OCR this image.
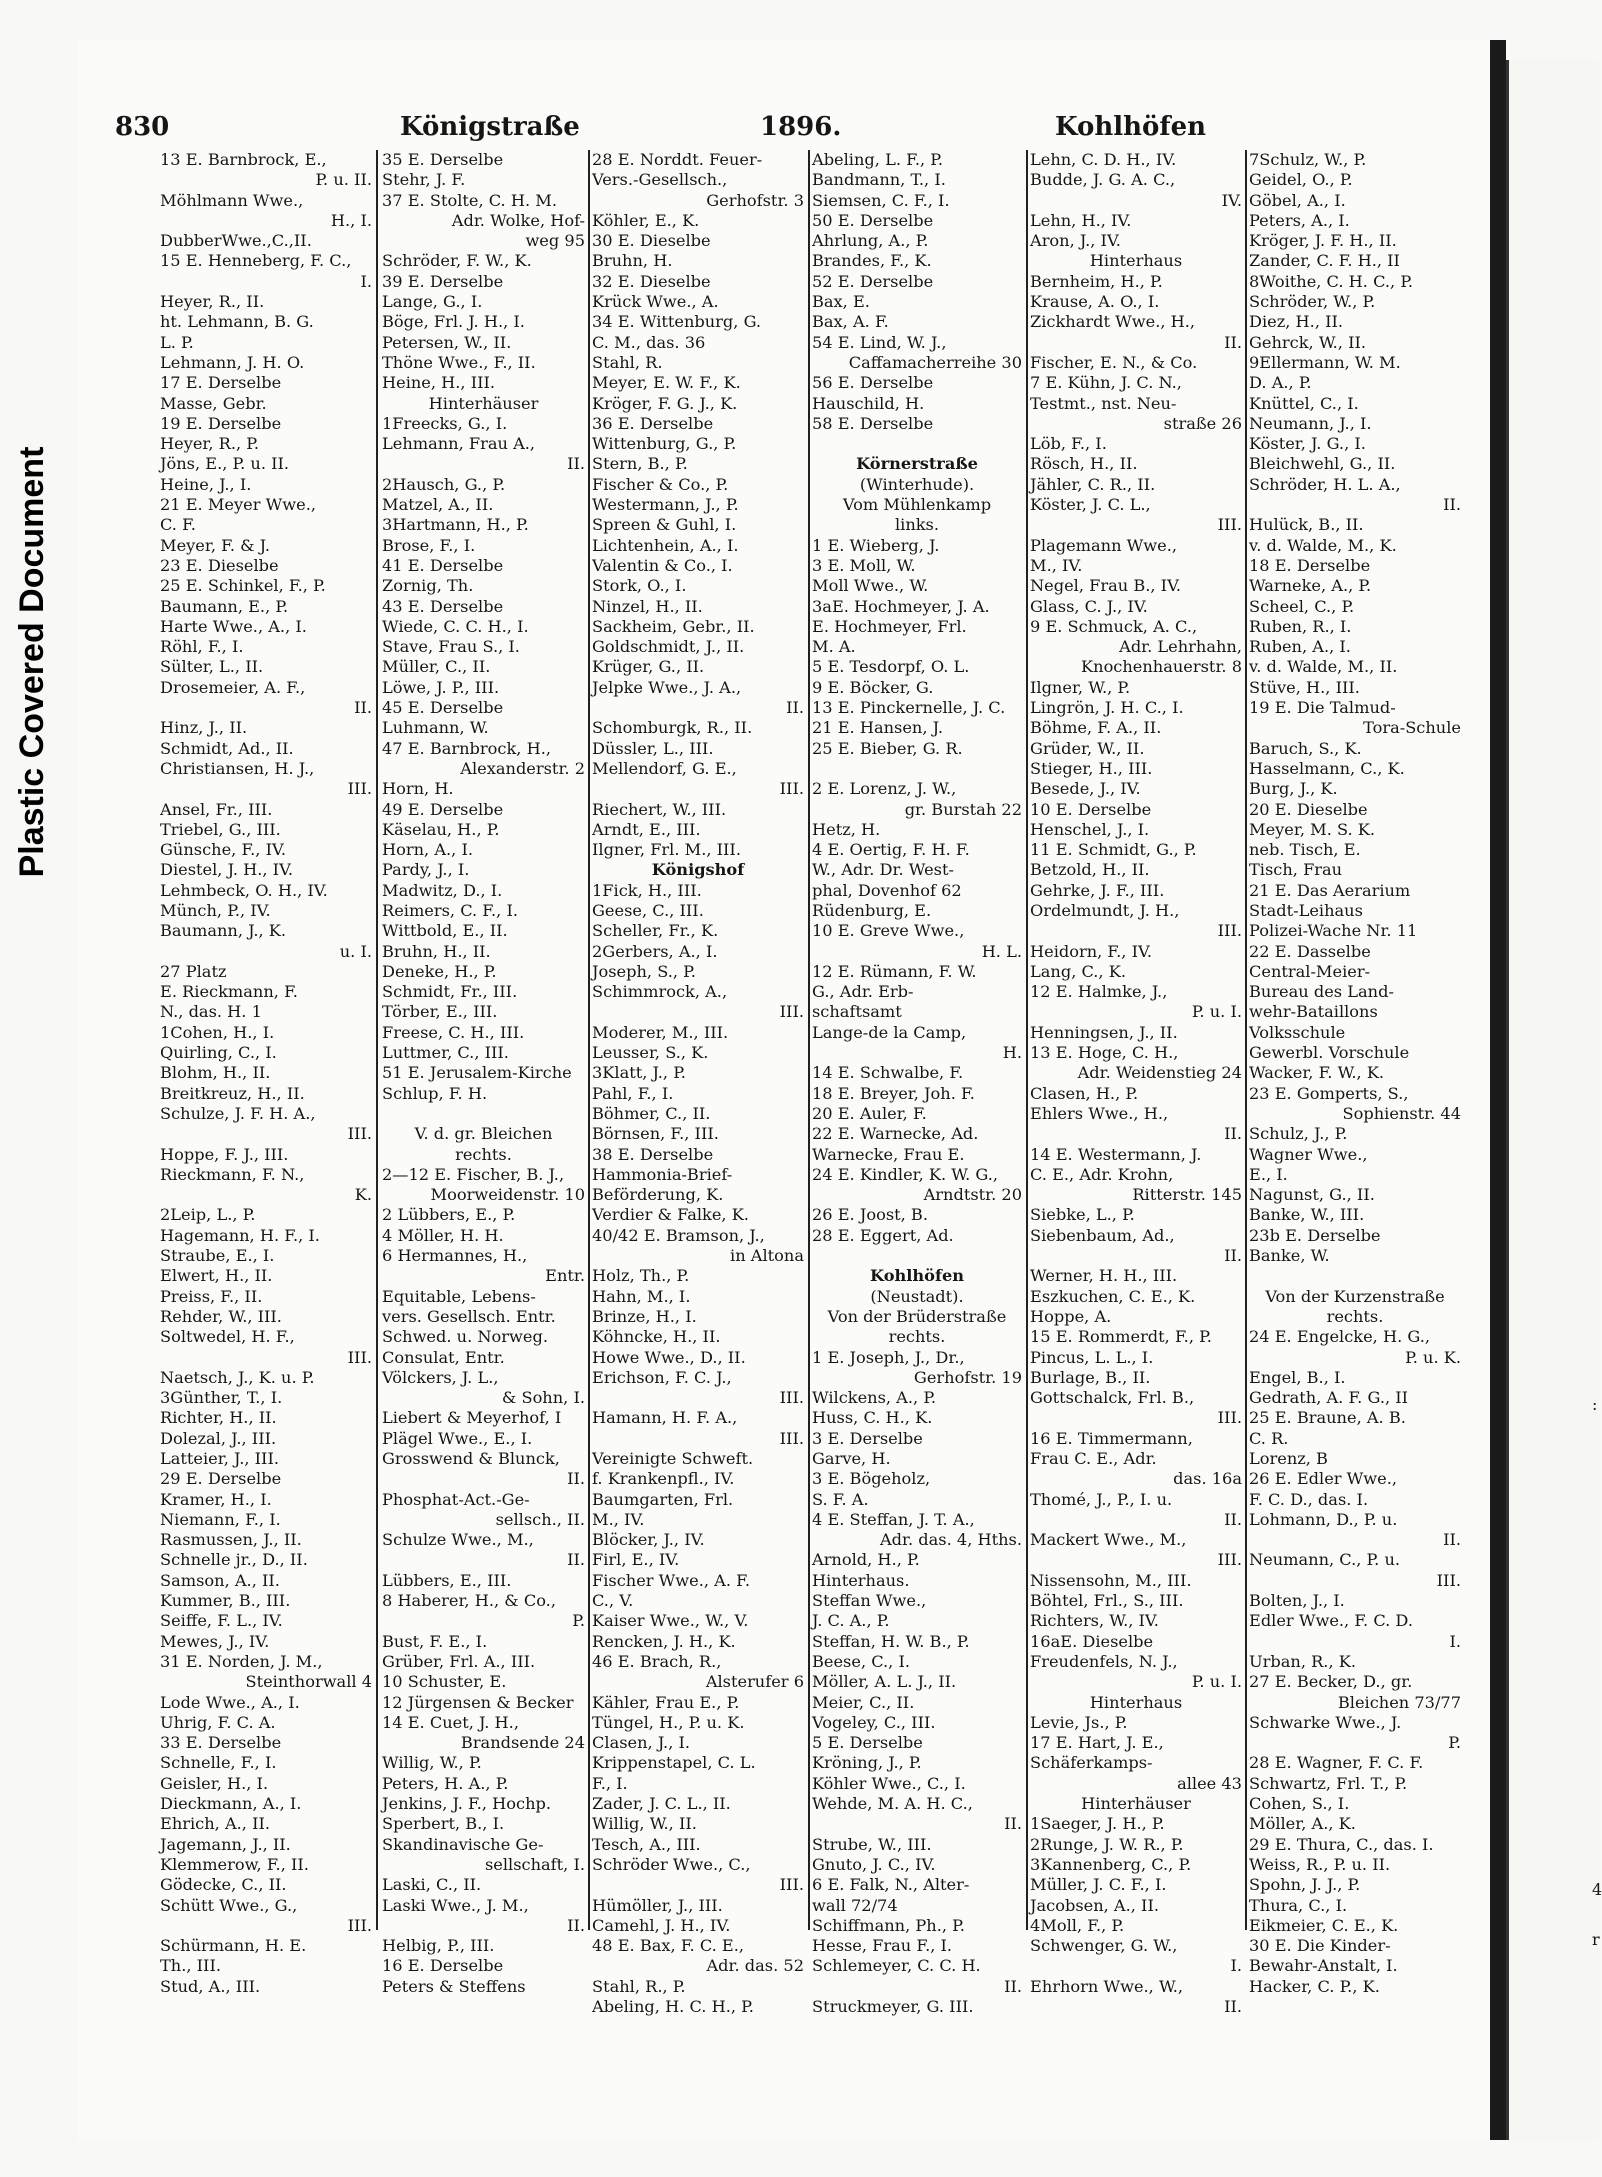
Plastic Covered Document
:
4
r
830	Königstraße	1896.	Kohlhöfen
13 E. Barnbrock, E.,
P. u. II.
Möhlmann Wwe.,
H., I.
DubberWwe.,C.,II.
15 E. Henneberg, F. C.,
I.
Heyer, R., II.
ht. Lehmann, B. G.
L. P.
Lehmann, J. H. O.
17 E. Derselbe
Masse, Gebr.
19 E. Derselbe
Heyer, R., P.
Jöns, E., P. u. II.
Heine, J., I.
21 E. Meyer Wwe.,
C. F.
Meyer, F. & J.
23 E. Dieselbe
25 E. Schinkel, F., P.
Baumann, E., P.
Harte Wwe., A., I.
Röhl, F., I.
Sülter, L., II.
Drosemeier, A. F.,
II.
Hinz, J., II.
Schmidt, Ad., II.
Christiansen, H. J.,
III.
Ansel, Fr., III.
Triebel, G., III.
Günsche, F., IV.
Diestel, J. H., IV.
Lehmbeck, O. H., IV.
Münch, P., IV.
Baumann, J., K.
u. I.
27 Platz
E. Rieckmann, F.
N., das. H. 1
1Cohen, H., I.
Quirling, C., I.
Blohm, H., II.
Breitkreuz, H., II.
Schulze, J. F. H. A.,
III.
Hoppe, F. J., III.
Rieckmann, F. N.,
K.
2Leip, L., P.
Hagemann, H. F., I.
Straube, E., I.
Elwert, H., II.
Preiss, F., II.
Rehder, W., III.
Soltwedel, H. F.,
III.
Naetsch, J., K. u. P.
3Günther, T., I.
Richter, H., II.
Dolezal, J., III.
Latteier, J., III.
29 E. Derselbe
Kramer, H., I.
Niemann, F., I.
Rasmussen, J., II.
Schnelle jr., D., II.
Samson, A., II.
Kummer, B., III.
Seiffe, F. L., IV.
Mewes, J., IV.
31 E. Norden, J. M.,
Steinthorwall 4
Lode Wwe., A., I.
Uhrig, F. C. A.
33 E. Derselbe
Schnelle, F., I.
Geisler, H., I.
Dieckmann, A., I.
Ehrich, A., II.
Jagemann, J., II.
Klemmerow, F., II.
Gödecke, C., II.
Schütt Wwe., G.,
III.
Schürmann, H. E.
Th., III.
Stud, A., III.
35 E. Derselbe
Stehr, J. F.
37 E. Stolte, C. H. M.
Adr. Wolke, Hof-
weg 95
Schröder, F. W., K.
39 E. Derselbe
Lange, G., I.
Böge, Frl. J. H., I.
Petersen, W., II.
Thöne Wwe., F., II.
Heine, H., III.
Hinterhäuser
1Freecks, G., I.
Lehmann, Frau A.,
II.
2Hausch, G., P.
Matzel, A., II.
3Hartmann, H., P.
Brose, F., I.
41 E. Derselbe
Zornig, Th.
43 E. Derselbe
Wiede, C. C. H., I.
Stave, Frau S., I.
Müller, C., II.
Löwe, J. P., III.
45 E. Derselbe
Luhmann, W.
47 E. Barnbrock, H.,
Alexanderstr. 2
Horn, H.
49 E. Derselbe
Käselau, H., P.
Horn, A., I.
Pardy, J., I.
Madwitz, D., I.
Reimers, C. F., I.
Wittbold, E., II.
Bruhn, H., II.
Deneke, H., P.
Schmidt, Fr., III.
Törber, E., III.
Freese, C. H., III.
Luttmer, C., III.
51 E. Jerusalem-Kirche
Schlup, F. H.
V. d. gr. Bleichen
rechts.
2—12 E. Fischer, B. J.,
Moorweidenstr. 10
2 Lübbers, E., P.
4 Möller, H. H.
6 Hermannes, H.,
Entr.
Equitable, Lebens-
vers. Gesellsch. Entr.
Schwed. u. Norweg.
Consulat, Entr.
Völckers, J. L.,
& Sohn, I.
Liebert & Meyerhof, I
Plägel Wwe., E., I.
Grosswend & Blunck,
II.
Phosphat-Act.-Ge-
sellsch., II.
Schulze Wwe., M.,
II.
Lübbers, E., III.
8 Haberer, H., & Co.,
P.
Bust, F. E., I.
Grüber, Frl. A., III.
10 Schuster, E.
12 Jürgensen & Becker
14 E. Cuet, J. H.,
Brandsende 24
Willig, W., P.
Peters, H. A., P.
Jenkins, J. F., Hochp.
Sperbert, B., I.
Skandinavische Ge-
sellschaft, I.
Laski, C., II.
Laski Wwe., J. M.,
II.
Helbig, P., III.
16 E. Derselbe
Peters & Steffens
28 E. Norddt. Feuer-
Vers.-Gesellsch.,
Gerhofstr. 3
Köhler, E., K.
30 E. Dieselbe
Bruhn, H.
32 E. Dieselbe
Krück Wwe., A.
34 E. Wittenburg, G.
C. M., das. 36
Stahl, R.
Meyer, E. W. F., K.
Kröger, F. G. J., K.
36 E. Derselbe
Wittenburg, G., P.
Stern, B., P.
Fischer & Co., P.
Westermann, J., P.
Spreen & Guhl, I.
Lichtenhein, A., I.
Valentin & Co., I.
Stork, O., I.
Ninzel, H., II.
Sackheim, Gebr., II.
Goldschmidt, J., II.
Krüger, G., II.
Jelpke Wwe., J. A.,
II.
Schomburgk, R., II.
Düssler, L., III.
Mellendorf, G. E.,
III.
Riechert, W., III.
Arndt, E., III.
Ilgner, Frl. M., III.
Königshof
1Fick, H., III.
Geese, C., III.
Scheller, Fr., K.
2Gerbers, A., I.
Joseph, S., P.
Schimmrock, A.,
III.
Moderer, M., III.
Leusser, S., K.
3Klatt, J., P.
Pahl, F., I.
Böhmer, C., II.
Börnsen, F., III.
38 E. Derselbe
Hammonia-Brief-
Beförderung, K.
Verdier & Falke, K.
40/42 E. Bramson, J.,
in Altona
Holz, Th., P.
Hahn, M., I.
Brinze, H., I.
Köhncke, H., II.
Howe Wwe., D., II.
Erichson, F. C. J.,
III.
Hamann, H. F. A.,
III.
Vereinigte Schweft.
f. Krankenpfl., IV.
Baumgarten, Frl.
M., IV.
Blöcker, J., IV.
Firl, E., IV.
Fischer Wwe., A. F.
C., V.
Kaiser Wwe., W., V.
Rencken, J. H., K.
46 E. Brach, R.,
Alsterufer 6
Kähler, Frau E., P.
Tüngel, H., P. u. K.
Clasen, J., I.
Krippenstapel, C. L.
F., I.
Zader, J. C. L., II.
Willig, W., II.
Tesch, A., III.
Schröder Wwe., C.,
III.
Hümöller, J., III.
Camehl, J. H., IV.
48 E. Bax, F. C. E.,
Adr. das. 52
Stahl, R., P.
Abeling, H. C. H., P.
Abeling, L. F., P.
Bandmann, T., I.
Siemsen, C. F., I.
50 E. Derselbe
Ahrlung, A., P.
Brandes, F., K.
52 E. Derselbe
Bax, E.
Bax, A. F.
54 E. Lind, W. J.,
Caffamacherreihe 30
56 E. Derselbe
Hauschild, H.
58 E. Derselbe
Körnerstraße
(Winterhude).
Vom Mühlenkamp
links.
1 E. Wieberg, J.
3 E. Moll, W.
Moll Wwe., W.
3aE. Hochmeyer, J. A.
E. Hochmeyer, Frl.
M. A.
5 E. Tesdorpf, O. L.
9 E. Böcker, G.
13 E. Pinckernelle, J. C.
21 E. Hansen, J.
25 E. Bieber, G. R.
2 E. Lorenz, J. W.,
gr. Burstah 22
Hetz, H.
4 E. Oertig, F. H. F.
W., Adr. Dr. West-
phal, Dovenhof 62
Rüdenburg, E.
10 E. Greve Wwe.,
H. L.
12 E. Rümann, F. W.
G., Adr. Erb-
schaftsamt
Lange-de la Camp,
H.
14 E. Schwalbe, F.
18 E. Breyer, Joh. F.
20 E. Auler, F.
22 E. Warnecke, Ad.
Warnecke, Frau E.
24 E. Kindler, K. W. G.,
Arndtstr. 20
26 E. Joost, B.
28 E. Eggert, Ad.
Kohlhöfen
(Neustadt).
Von der Brüderstraße
rechts.
1 E. Joseph, J., Dr.,
Gerhofstr. 19
Wilckens, A., P.
Huss, C. H., K.
3 E. Derselbe
Garve, H.
3 E. Bögeholz,
S. F. A.
4 E. Steffan, J. T. A.,
Adr. das. 4, Hths.
Arnold, H., P.
Hinterhaus.
Steffan Wwe.,
J. C. A., P.
Steffan, H. W. B., P.
Beese, C., I.
Möller, A. L. J., II.
Meier, C., II.
Vogeley, C., III.
5 E. Derselbe
Kröning, J., P.
Köhler Wwe., C., I.
Wehde, M. A. H. C.,
II.
Strube, W., III.
Gnuto, J. C., IV.
6 E. Falk, N., Alter-
wall 72/74
Schiffmann, Ph., P.
Hesse, Frau F., I.
Schlemeyer, C. C. H.
II.
Struckmeyer, G. III.
Lehn, C. D. H., IV.
Budde, J. G. A. C.,
IV.
Lehn, H., IV.
Aron, J., IV.
Hinterhaus
Bernheim, H., P.
Krause, A. O., I.
Zickhardt Wwe., H.,
II.
Fischer, E. N., & Co.
7 E. Kühn, J. C. N.,
Testmt., nst. Neu-
straße 26
Löb, F., I.
Rösch, H., II.
Jähler, C. R., II.
Köster, J. C. L.,
III.
Plagemann Wwe.,
M., IV.
Negel, Frau B., IV.
Glass, C. J., IV.
9 E. Schmuck, A. C.,
Adr. Lehrhahn,
Knochenhauerstr. 8
Ilgner, W., P.
Lingrön, J. H. C., I.
Böhme, F. A., II.
Grüder, W., II.
Stieger, H., III.
Besede, J., IV.
10 E. Derselbe
Henschel, J., I.
11 E. Schmidt, G., P.
Betzold, H., II.
Gehrke, J. F., III.
Ordelmundt, J. H.,
III.
Heidorn, F., IV.
Lang, C., K.
12 E. Halmke, J.,
P. u. I.
Henningsen, J., II.
13 E. Hoge, C. H.,
Adr. Weidenstieg 24
Clasen, H., P.
Ehlers Wwe., H.,
II.
14 E. Westermann, J.
C. E., Adr. Krohn,
Ritterstr. 145
Siebke, L., P.
Siebenbaum, Ad.,
II.
Werner, H. H., III.
Eszkuchen, C. E., K.
Hoppe, A.
15 E. Rommerdt, F., P.
Pincus, L. L., I.
Burlage, B., II.
Gottschalck, Frl. B.,
III.
16 E. Timmermann,
Frau C. E., Adr.
das. 16a
Thomé, J., P., I. u.
II.
Mackert Wwe., M.,
III.
Nissensohn, M., III.
Böhtel, Frl., S., III.
Richters, W., IV.
16aE. Dieselbe
Freudenfels, N. J.,
P. u. I.
Hinterhaus
Levie, Js., P.
17 E. Hart, J. E.,
Schäferkamps-
allee 43
Hinterhäuser
1Saeger, J. H., P.
2Runge, J. W. R., P.
3Kannenberg, C., P.
Müller, J. C. F., I.
Jacobsen, A., II.
4Moll, F., P.
Schwenger, G. W.,
I.
Ehrhorn Wwe., W.,
II.
7Schulz, W., P.
Geidel, O., P.
Göbel, A., I.
Peters, A., I.
Kröger, J. F. H., II.
Zander, C. F. H., II
8Woithe, C. H. C., P.
Schröder, W., P.
Diez, H., II.
Gehrck, W., II.
9Ellermann, W. M.
D. A., P.
Knüttel, C., I.
Neumann, J., I.
Köster, J. G., I.
Bleichwehl, G., II.
Schröder, H. L. A.,
II.
Hulück, B., II.
v. d. Walde, M., K.
18 E. Derselbe
Warneke, A., P.
Scheel, C., P.
Ruben, R., I.
Ruben, A., I.
v. d. Walde, M., II.
Stüve, H., III.
19 E. Die Talmud-
Tora-Schule
Baruch, S., K.
Hasselmann, C., K.
Burg, J., K.
20 E. Dieselbe
Meyer, M. S. K.
neb. Tisch, E.
Tisch, Frau
21 E. Das Aerarium
Stadt-Leihaus
Polizei-Wache Nr. 11
22 E. Dasselbe
Central-Meier-
Bureau des Land-
wehr-Bataillons
Volksschule
Gewerbl. Vorschule
Wacker, F. W., K.
23 E. Gomperts, S.,
Sophienstr. 44
Schulz, J., P.
Wagner Wwe.,
E., I.
Nagunst, G., II.
Banke, W., III.
23b E. Derselbe
Banke, W.
Von der Kurzenstraße
rechts.
24 E. Engelcke, H. G.,
P. u. K.
Engel, B., I.
Gedrath, A. F. G., II
25 E. Braune, A. B.
C. R.
Lorenz, B
26 E. Edler Wwe.,
F. C. D., das. I.
Lohmann, D., P. u.
II.
Neumann, C., P. u.
III.
Bolten, J., I.
Edler Wwe., F. C. D.
I.
Urban, R., K.
27 E. Becker, D., gr.
Bleichen 73/77
Schwarke Wwe., J.
P.
28 E. Wagner, F. C. F.
Schwartz, Frl. T., P.
Cohen, S., I.
Möller, A., K.
29 E. Thura, C., das. I.
Weiss, R., P. u. II.
Spohn, J. J., P.
Thura, C., I.
Eikmeier, C. E., K.
30 E. Die Kinder-
Bewahr-Anstalt, I.
Hacker, C. P., K.
